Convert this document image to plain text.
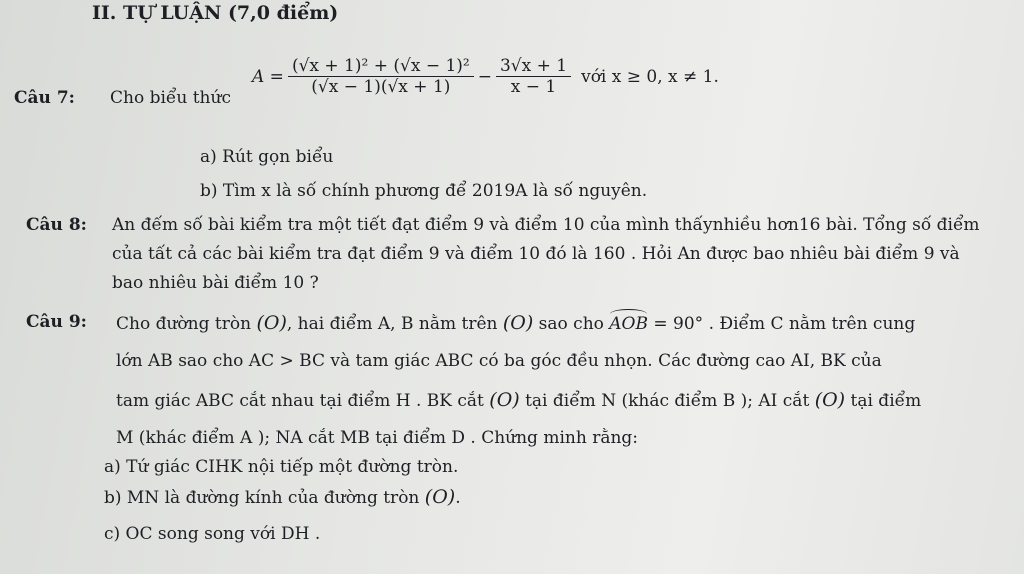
II. TỰ LUẬN (7,0 điểm)
Câu 7: Cho biểu thức
$A = \frac{\text{(√x + 1)² + (√x − 1)²}}{(√x - 1)(√x + 1)} - \frac{3√x + 1}{x - 1}$ với x ≥ 0, x ≠ 1.
a) Rút gọn biểu
b) Tìm x là số chính phương để 2019A là số nguyên.
Câu 8: An đếm số bài kiểm tra một tiết đạt điểm 9 và điểm 10 của mình thấynhiều hơn16 bài. Tổng số điểm
của tất cả các bài kiểm tra đạt điểm 9 và điểm 10 đó là 160 . Hỏi An được bao nhiêu bài điểm 9 và
bao nhiêu bài điểm 10 ?
Câu 9: Cho đường tròn (O), hai điểm A, B nằm trên (O) sao cho AOB = 90° . Điểm C nằm trên cung
lớn AB sao cho AC > BC và tam giác ABC có ba góc đều nhọn. Các đường cao AI, BK của
tam giác ABC cắt nhau tại điểm H . BK cắt (O) tại điểm N (khác điểm B ); AI cắt (O) tại điểm
M (khác điểm A ); NA cắt MB tại điểm D . Chứng minh rằng:
a) Tứ giác CIHK nội tiếp một đường tròn.
b) MN là đường kính của đường tròn (O).
c) OC song song với DH .
